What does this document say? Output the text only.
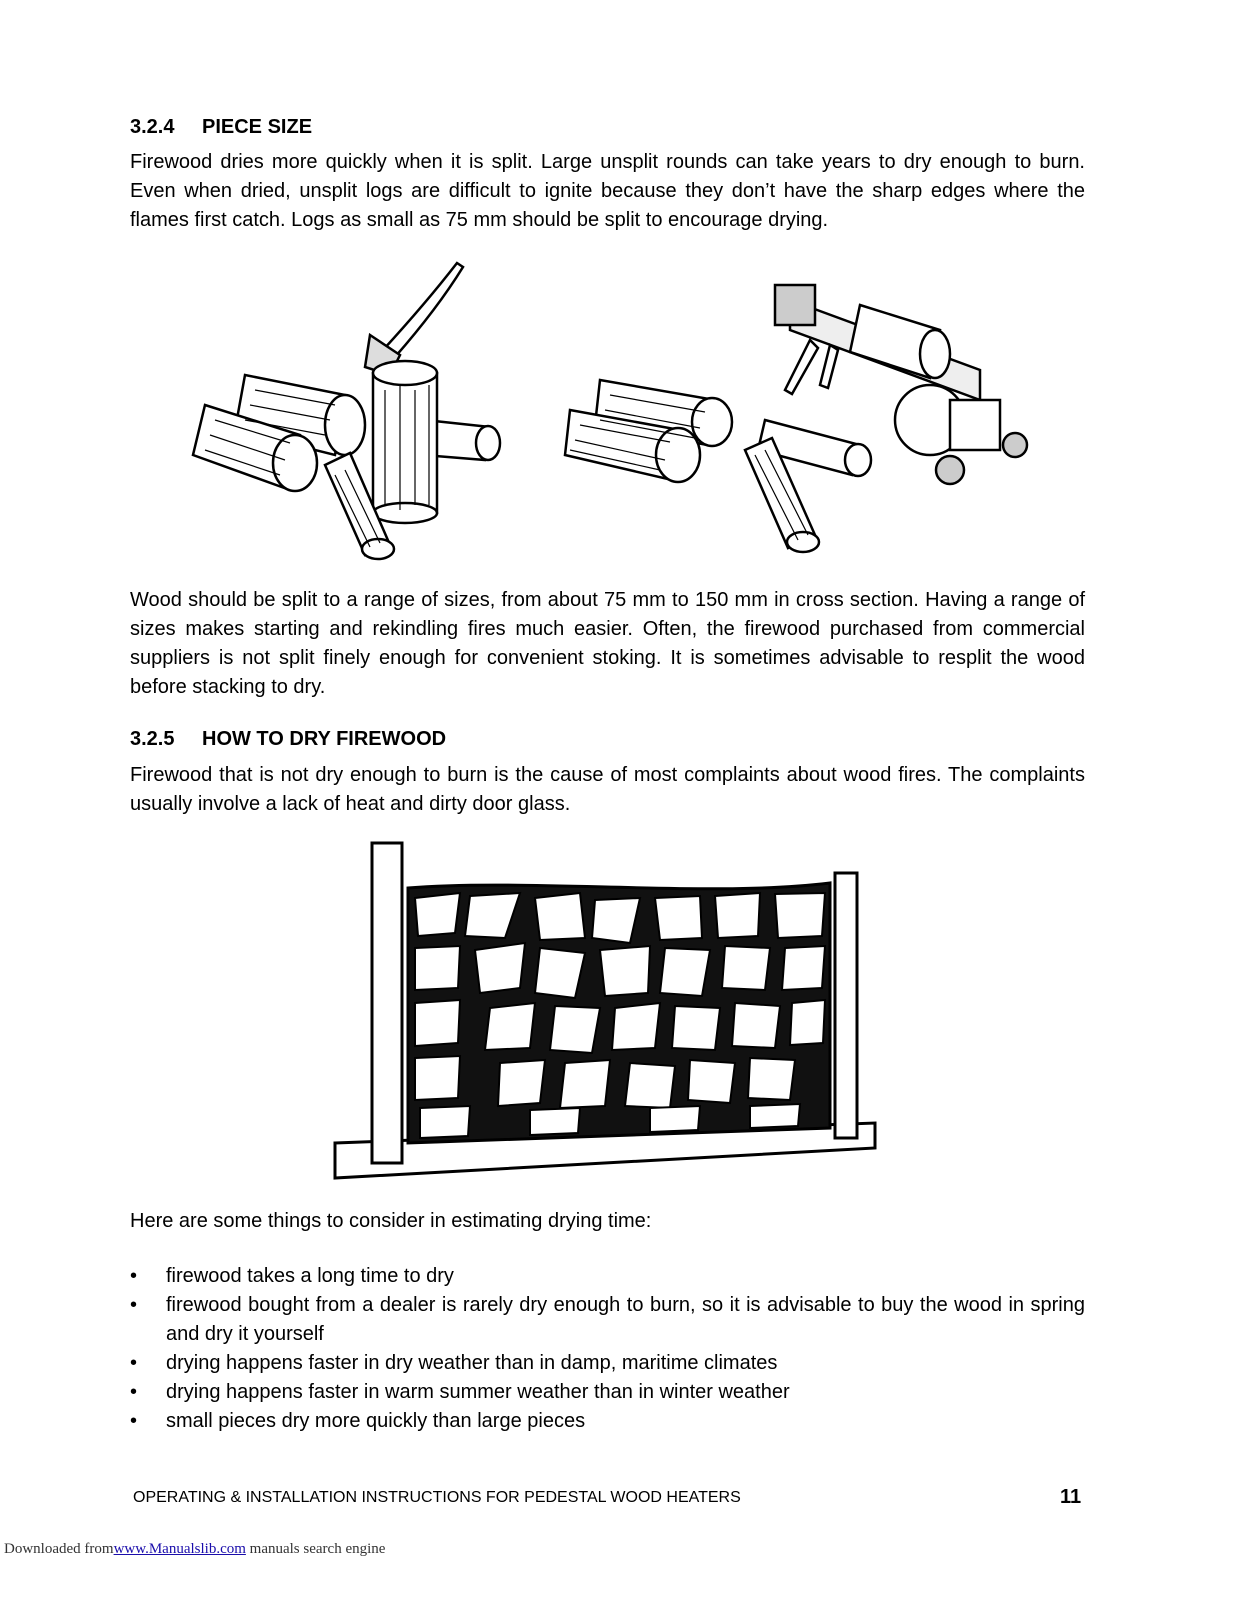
3.2.4 PIECE SIZE

Firewood dries more quickly when it is split. Large unsplit rounds can take years to dry enough to burn. Even when dried, unsplit logs are difficult to ignite because they don’t have the sharp edges where the flames first catch. Logs as small as 75 mm should be split to encourage drying.

Wood should be split to a range of sizes, from about 75 mm to 150 mm in cross section. Having a range of sizes makes starting and rekindling fires much easier. Often, the firewood purchased from commercial suppliers is not split finely enough for convenient stoking. It is sometimes advisable to resplit the wood before stacking to dry.

3.2.5 HOW TO DRY FIREWOOD

Firewood that is not dry enough to burn is the cause of most complaints about wood fires. The complaints usually involve a lack of heat and dirty door glass.

Here are some things to consider in estimating drying time:
• firewood takes a long time to dry
• firewood bought from a dealer is rarely dry enough to burn, so it is advisable to buy the wood in spring and dry it yourself
• drying happens faster in dry weather than in damp, maritime climates
• drying happens faster in warm summer weather than in winter weather
• small pieces dry more quickly than large pieces
OPERATING & INSTALLATION INSTRUCTIONS FOR PEDESTAL WOOD HEATERS	11
Downloaded fromwww.Manualslib.com manuals search engine
